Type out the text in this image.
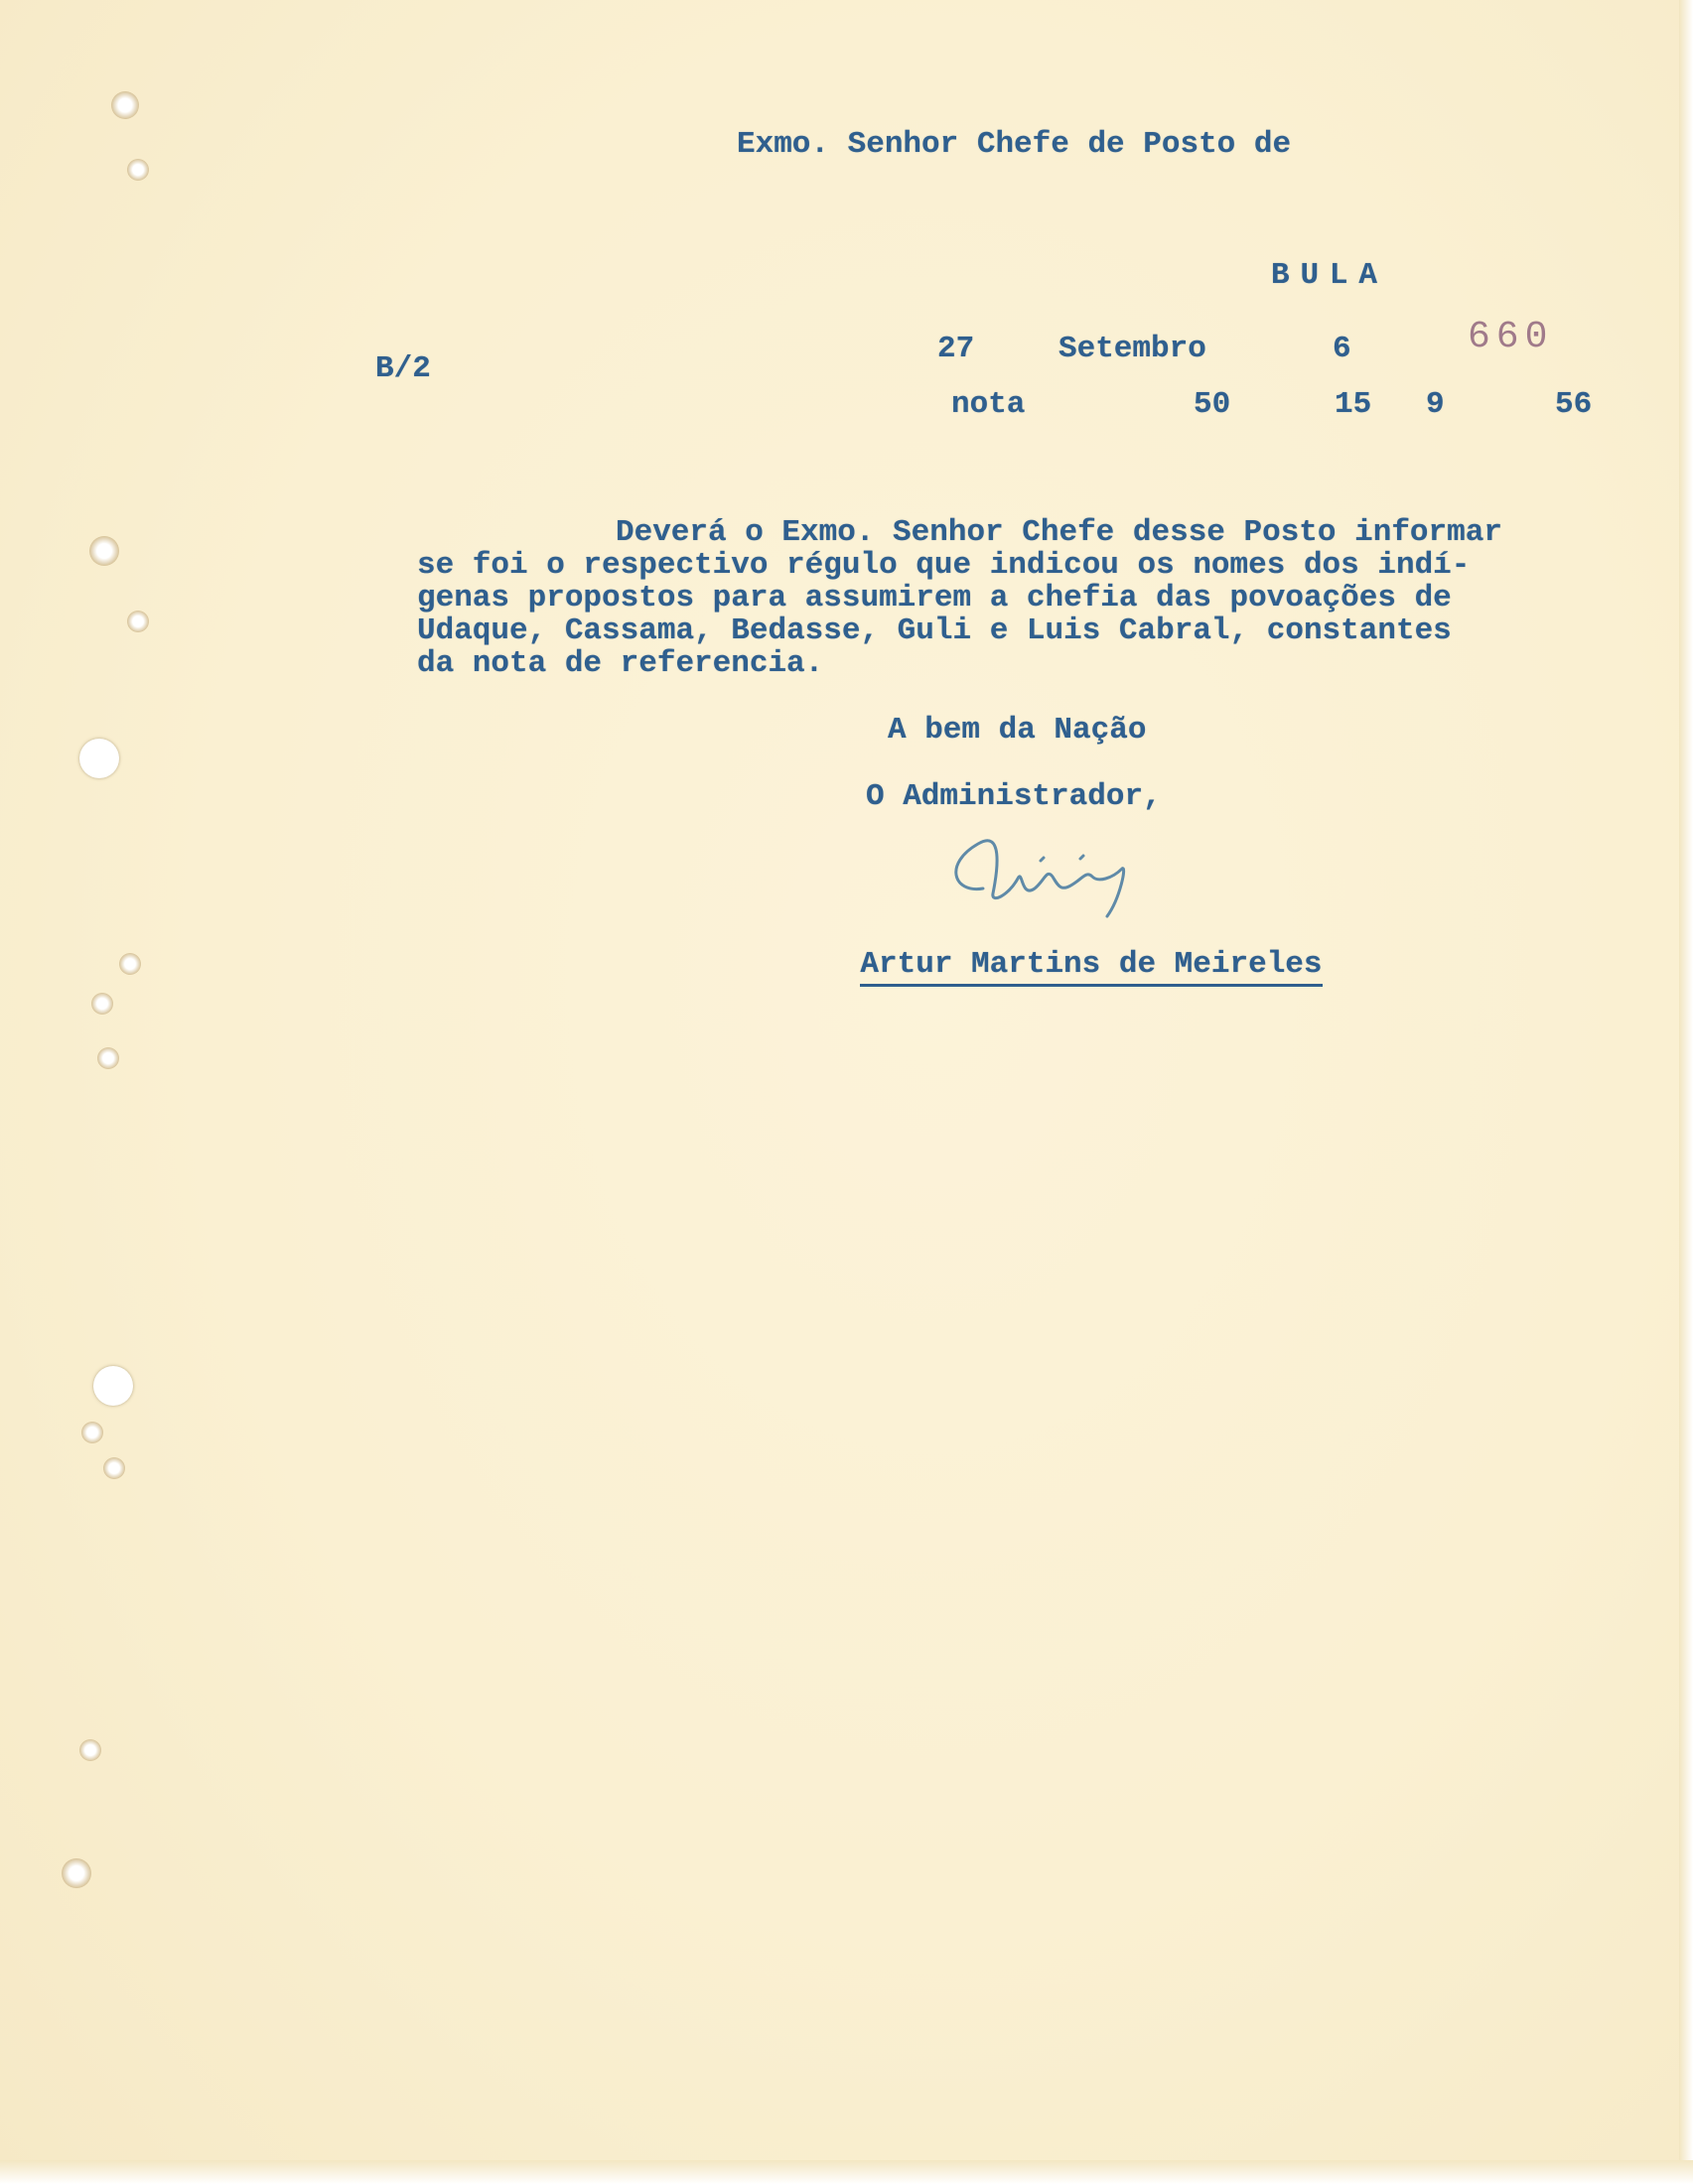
Exmo. Senhor Chefe de Posto de
BULA
B/2
27	Setembro	6	660
nota	50	15 9	56
Deverá o Exmo. Senhor Chefe desse Posto informar
se foi o respectivo régulo que indicou os nomes dos indí-
genas propostos para assumirem a chefia das povoações de
Udaque, Cassama, Bedasse, Guli e Luis Cabral, constantes
da nota de referencia.
A bem da Nação
O Administrador,

Artur Martins de Meireles
